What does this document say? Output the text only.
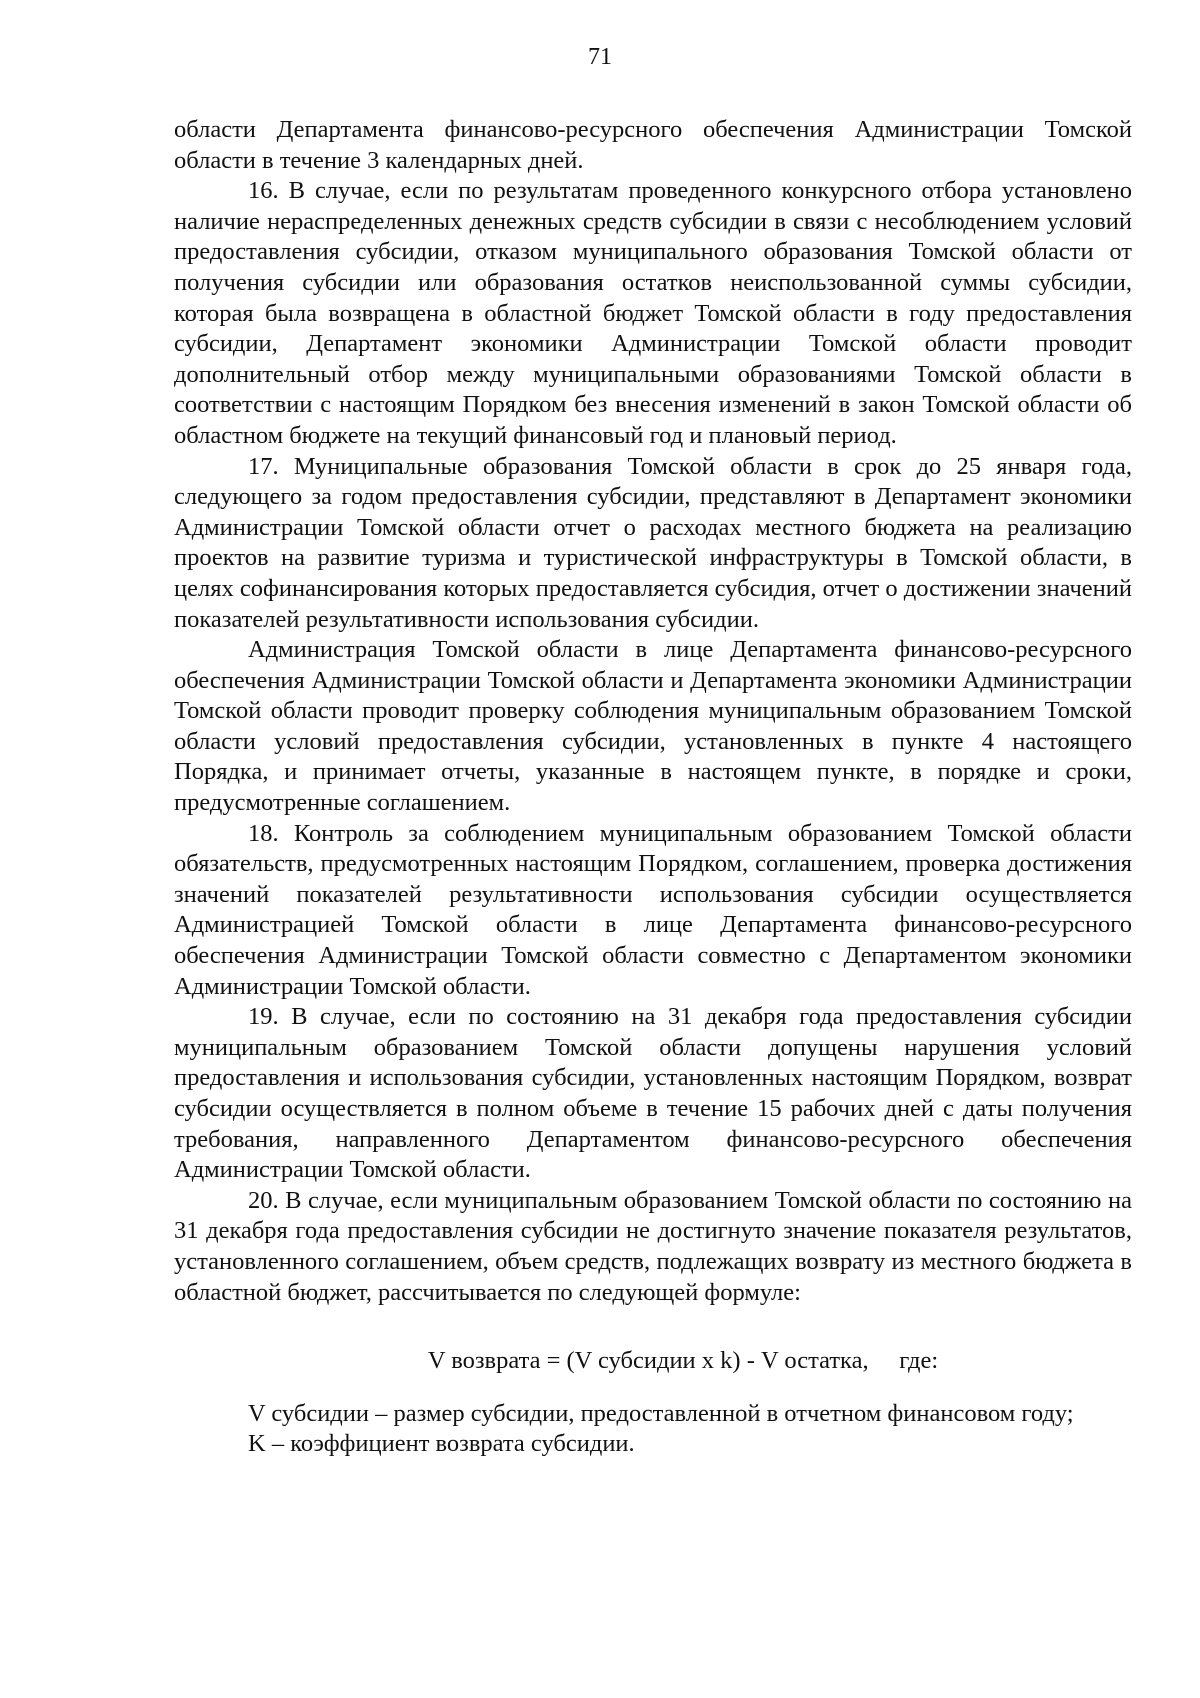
71

области Департамента финансово-ресурсного обеспечения Администрации Томской области в течение 3 календарных дней.

16. В случае, если по результатам проведенного конкурсного отбора установлено наличие нераспределенных денежных средств субсидии в связи с несоблюдением условий предоставления субсидии, отказом муниципального образования Томской области от получения субсидии или образования остатков неиспользованной суммы субсидии, которая была возвращена в областной бюджет Томской области в году предоставления субсидии, Департамент экономики Администрации Томской области проводит дополнительный отбор между муниципальными образованиями Томской области в соответствии с настоящим Порядком без внесения изменений в закон Томской области об областном бюджете на текущий финансовый год и плановый период.

17. Муниципальные образования Томской области в срок до 25 января года, следующего за годом предоставления субсидии, представляют в Департамент экономики Администрации Томской области отчет о расходах местного бюджета на реализацию проектов на развитие туризма и туристической инфраструктуры в Томской области, в целях софинансирования которых предоставляется субсидия, отчет о достижении значений показателей результативности использования субсидии.

Администрация Томской области в лице Департамента финансово-ресурсного обеспечения Администрации Томской области и Департамента экономики Администрации Томской области проводит проверку соблюдения муниципальным образованием Томской области условий предоставления субсидии, установленных в пункте 4 настоящего Порядка, и принимает отчеты, указанные в настоящем пункте, в порядке и сроки, предусмотренные соглашением.

18. Контроль за соблюдением муниципальным образованием Томской области обязательств, предусмотренных настоящим Порядком, соглашением, проверка достижения значений показателей результативности использования субсидии осуществляется Администрацией Томской области в лице Департамента финансово-ресурсного обеспечения Администрации Томской области совместно с Департаментом экономики Администрации Томской области.

19. В случае, если по состоянию на 31 декабря года предоставления субсидии муниципальным образованием Томской области допущены нарушения условий предоставления и использования субсидии, установленных настоящим Порядком, возврат субсидии осуществляется в полном объеме в течение 15 рабочих дней с даты получения требования, направленного Департаментом финансово-ресурсного обеспечения Администрации Томской области.

20. В случае, если муниципальным образованием Томской области по состоянию на 31 декабря года предоставления субсидии не достигнуто значение показателя результатов, установленного соглашением, объем средств, подлежащих возврату из местного бюджета в областной бюджет, рассчитывается по следующей формуле:

V возврата = (V субсидии x k) - V остатка,     где:

V субсидии – размер субсидии, предоставленной в отчетном финансовом году;

K – коэффициент возврата субсидии.
